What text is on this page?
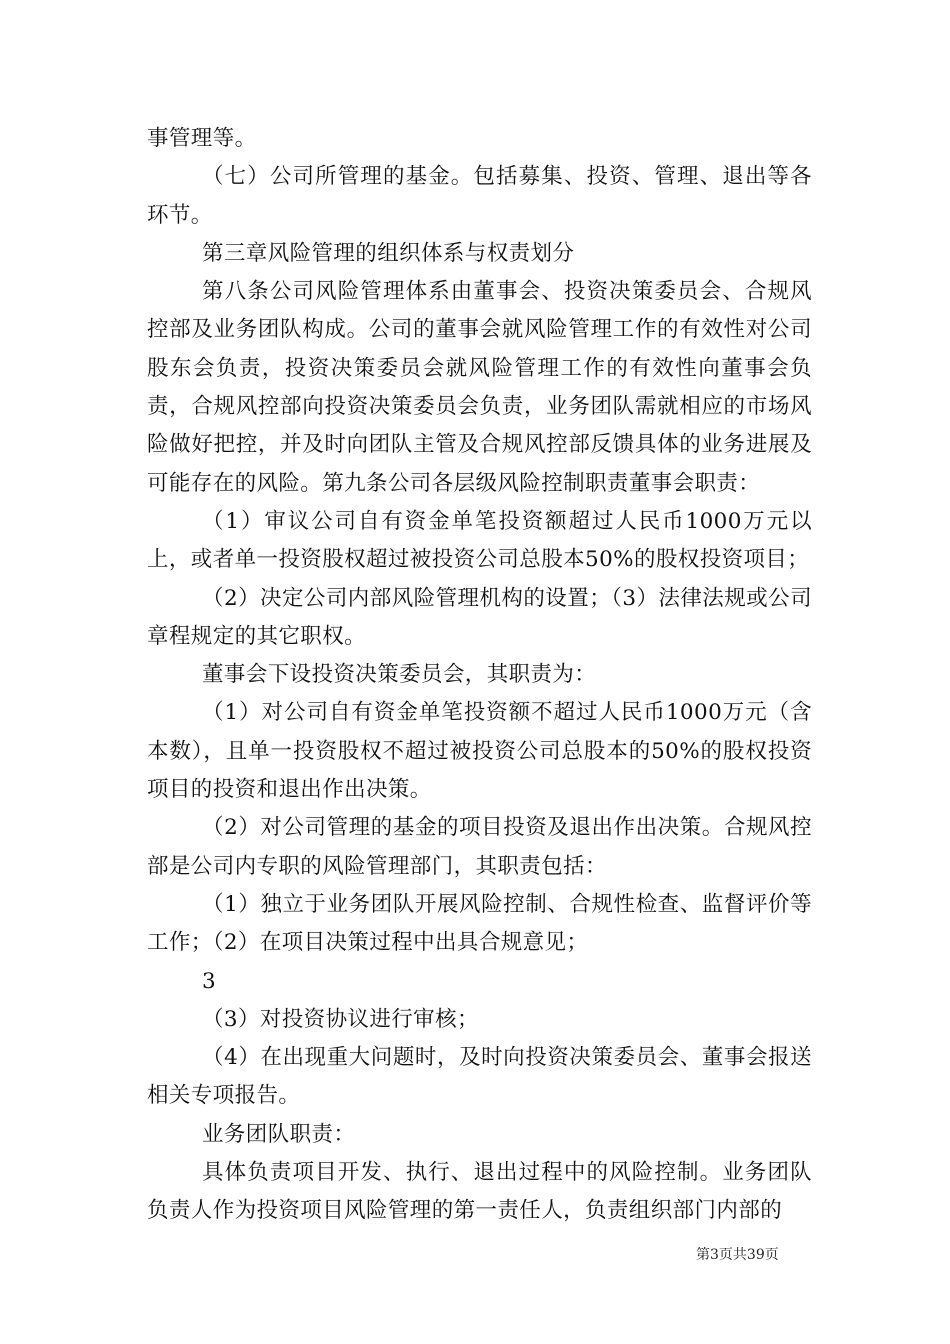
事管理等。

（七）公司所管理的基金。包括募集、投资、管理、退出等各环节。

第三章风险管理的组织体系与权责划分

第八条公司风险管理体系由董事会、投资决策委员会、合规风控部及业务团队构成。公司的董事会就风险管理工作的有效性对公司股东会负责，投资决策委员会就风险管理工作的有效性向董事会负责，合规风控部向投资决策委员会负责，业务团队需就相应的市场风险做好把控，并及时向团队主管及合规风控部反馈具体的业务进展及可能存在的风险。第九条公司各层级风险控制职责董事会职责：

（1）审议公司自有资金单笔投资额超过人民币1000万元以上，或者单一投资股权超过被投资公司总股本50%的股权投资项目；

（2）决定公司内部风险管理机构的设置；（3）法律法规或公司章程规定的其它职权。

董事会下设投资决策委员会，其职责为：

（1）对公司自有资金单笔投资额不超过人民币1000万元（含本数），且单一投资股权不超过被投资公司总股本的50%的股权投资项目的投资和退出作出决策。

（2）对公司管理的基金的项目投资及退出作出决策。合规风控部是公司内专职的风险管理部门，其职责包括：

（1）独立于业务团队开展风险控制、合规性检查、监督评价等工作；（2）在项目决策过程中出具合规意见；

3

（3）对投资协议进行审核；

（4）在出现重大问题时，及时向投资决策委员会、董事会报送相关专项报告。

业务团队职责：

具体负责项目开发、执行、退出过程中的风险控制。业务团队负责人作为投资项目风险管理的第一责任人，负责组织部门内部的

第3页共39页
